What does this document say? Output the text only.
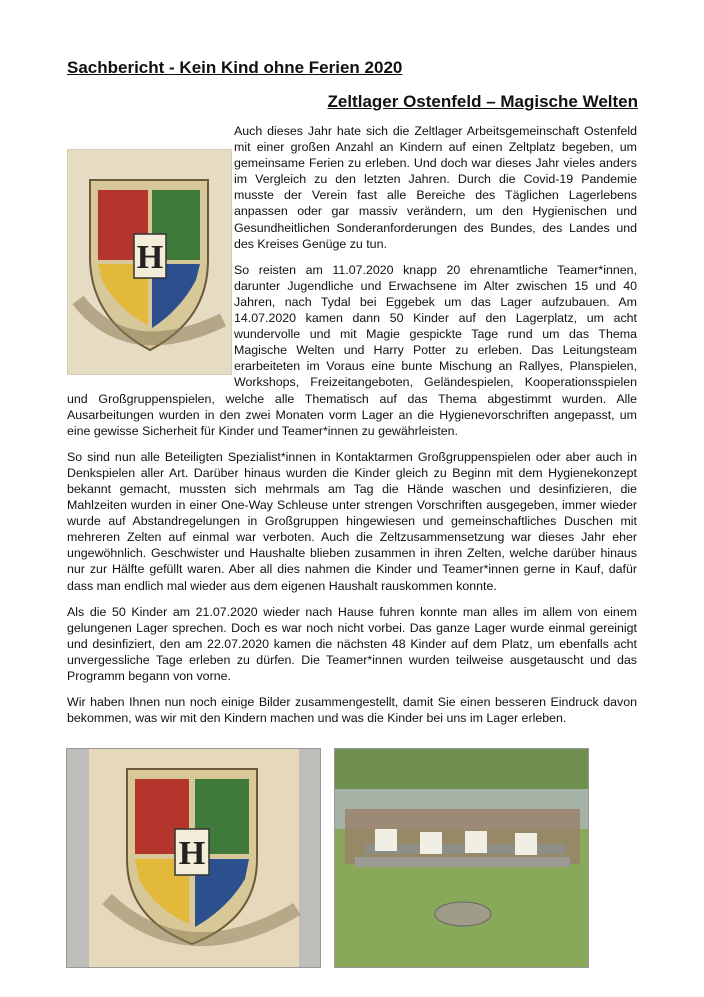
Sachbericht - Kein Kind ohne Ferien 2020
Zeltlager Ostenfeld – Magische Welten

H
Auch dieses Jahr hate sich die Zeltlager Arbeitsgemeinschaft Ostenfeld mit einer großen Anzahl an Kindern auf einen Zeltplatz begeben, um gemeinsame Ferien zu erleben. Und doch war dieses Jahr vieles anders im Vergleich zu den letzten Jahren. Durch die Covid-19 Pandemie musste der Verein fast alle Bereiche des Täglichen Lagerlebens anpassen oder gar massiv verändern, um den Hygienischen und Gesundheitlichen Sonderanforderungen des Bundes, des Landes und des Kreises Genüge zu tun.

So reisten am 11.07.2020 knapp 20 ehrenamtliche Teamer*innen, darunter Jugendliche und Erwachsene im Alter zwischen 15 und 40 Jahren, nach Tydal bei Eggebek um das Lager aufzubauen. Am 14.07.2020 kamen dann 50 Kinder auf den Lagerplatz, um acht wundervolle und mit Magie gespickte Tage rund um das Thema Magische Welten und Harry Potter zu erleben. Das Leitungsteam erarbeiteten im Voraus eine bunte Mischung an Rallyes, Planspielen, Workshops, Freizeitangeboten, Geländespielen, Kooperationsspielen und Großgruppenspielen, welche alle Thematisch auf das Thema abgestimmt wurden. Alle Ausarbeitungen wurden in den zwei Monaten vorm Lager an die Hygienevorschriften angepasst, um eine gewisse Sicherheit für Kinder und Teamer*innen zu gewährleisten.

So sind nun alle Beteiligten Spezialist*innen in Kontaktarmen Großgruppenspielen oder aber auch in Denkspielen aller Art. Darüber hinaus wurden die Kinder gleich zu Beginn mit dem Hygienekonzept bekannt gemacht, mussten sich mehrmals am Tag die Hände waschen und desinfizieren, die Mahlzeiten wurden in einer One-Way Schleuse unter strengen Vorschriften ausgegeben, immer wieder wurde auf Abstandregelungen in Großgruppen hingewiesen und gemeinschaftliches Duschen mit mehreren Zelten auf einmal war verboten. Auch die Zeltzusammensetzung war dieses Jahr eher ungewöhnlich. Geschwister und Haushalte blieben zusammen in ihren Zelten, welche darüber hinaus nur zur Hälfte gefüllt waren. Aber all dies nahmen die Kinder und Teamer*innen gerne in Kauf, dafür dass man endlich mal wieder aus dem eigenen Haushalt rauskommen konnte.

Als die 50 Kinder am 21.07.2020 wieder nach Hause fuhren konnte man alles im allem von einem gelungenen Lager sprechen. Doch es war noch nicht vorbei. Das ganze Lager wurde einmal gereinigt und desinfiziert, den am 22.07.2020 kamen die nächsten 48 Kinder auf dem Platz, um ebenfalls acht unvergessliche Tage erleben zu dürfen. Die Teamer*innen wurden teilweise ausgetauscht und das Programm begann von vorne.

Wir haben Ihnen nun noch einige Bilder zusammengestellt, damit Sie einen besseren Eindruck davon bekommen, was wir mit den Kindern machen und was die Kinder bei uns im Lager erleben.

H
